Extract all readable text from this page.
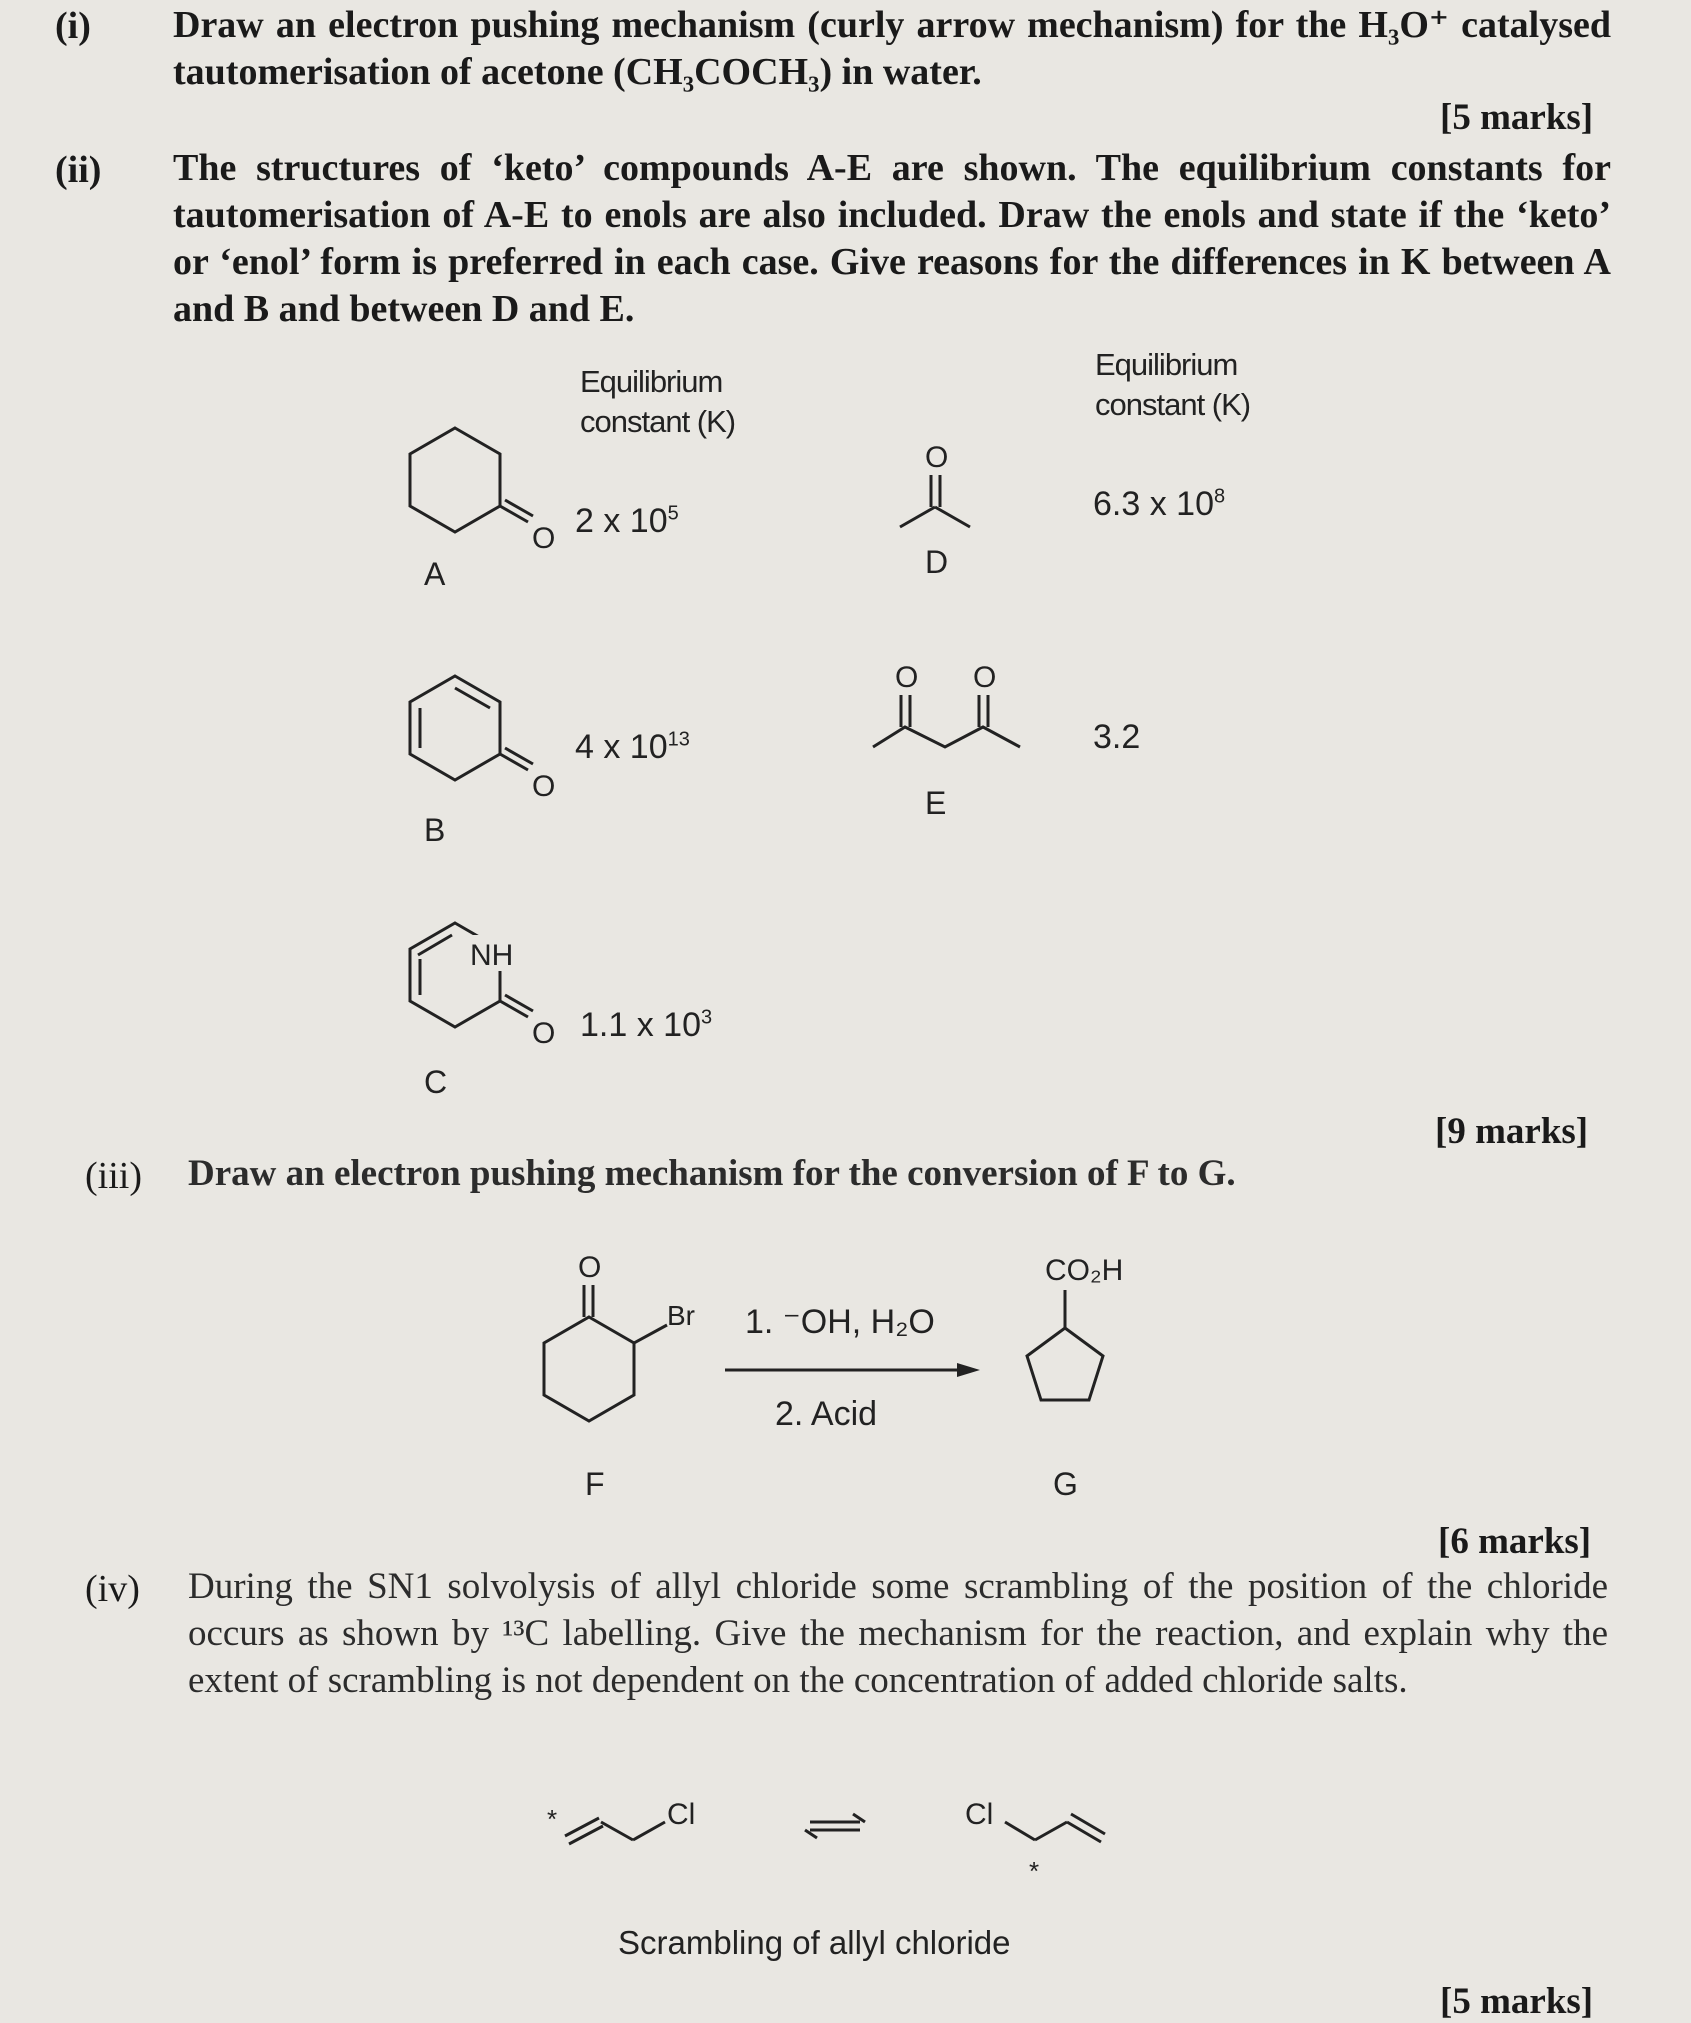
(i) Draw an electron pushing mechanism (curly arrow mechanism) for the H₃O⁺ catalysed tautomerisation of acetone (CH₃COCH₃) in water.
[5 marks]
(ii) The structures of ‘keto’ compounds A-E are shown. The equilibrium constants for tautomerisation of A-E to enols are also included. Draw the enols and state if the ‘keto’ or ‘enol’ form is preferred in each case. Give reasons for the differences in K between A and B and between D and E.
Equilibrium
constant (K)
Equilibrium
constant (K)
O
A
2 x $10^5$
O
D
6.3 x $10^8$
O
B
4 x $10^{13}$
O O
E
3.2
NH
O
C
1.1 x $10^3$
[9 marks]
(iii) Draw an electron pushing mechanism for the conversion of F to G.
O
Br
F
1. ⁻OH, H₂O
2. Acid
CO₂H
G
[6 marks]
(iv) During the SN1 solvolysis of allyl chloride some scrambling of the position of the chloride occurs as shown by ¹³C labelling. Give the mechanism for the reaction, and explain why the extent of scrambling is not dependent on the concentration of added chloride salts.
*	Cl	Cl
*
Scrambling of allyl chloride
[5 marks]
